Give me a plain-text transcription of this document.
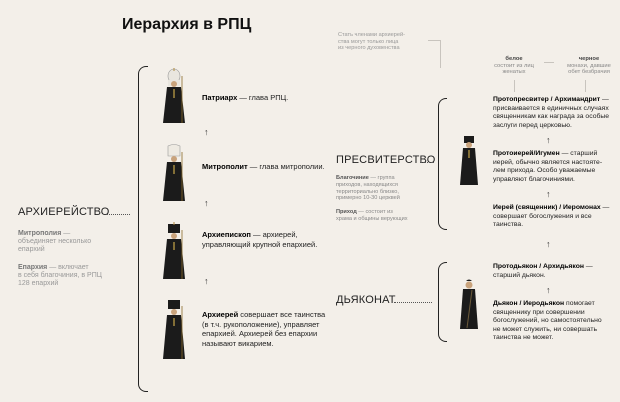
Иерархия в РПЦ
Стать членами архиерей-
ства могут только лица
из черного духовенства
белое
состоит из лиц
женатых
черное
монахи, давшие
обет безбрачия
АРХИЕРЕЙСТВО
Митрополия —
объединяет несколько
епархий
Епархия — включает
в себя благочиния, в РПЦ
128 епархий
Патриарх — глава РПЦ.
↑
Митрополит — глава митрополии.
↑
Архиепископ — архиерей,
управляющий крупной епархией.
↑
Архиерей совершает все таинства
(в т.ч. рукоположение), управляет
епархией. Архиерей без епархии
называют викарием.
ПРЕСВИТЕРСТВО
Благочиние — группа
приходов, находящихся
территориально близко,
примерно 10-30 церквей
Приход — состоит из
храма и общины верующих
Протопресвитер / Архимандрит —
присваивается в единичных случаях
священникам как награда за особые
заслуги перед церковью.
↑
Протоиерей/Игумен — старший
иерей, обычно является настояте-
лем прихода. Особо уважаемые
управляют благочиниями.
↑
Иерей (священник) / Иеромонах —
совершает богослужения и все
таинства.
↑
ДЬЯКОНАТ
Протодьякон / Архидьякон —
старший дьякон.
↑
Дьякон / Иеродьякон помогает
священнику при совершении
богослужений, но самостоятельно
не может служить, ни совершать
таинства не может.
